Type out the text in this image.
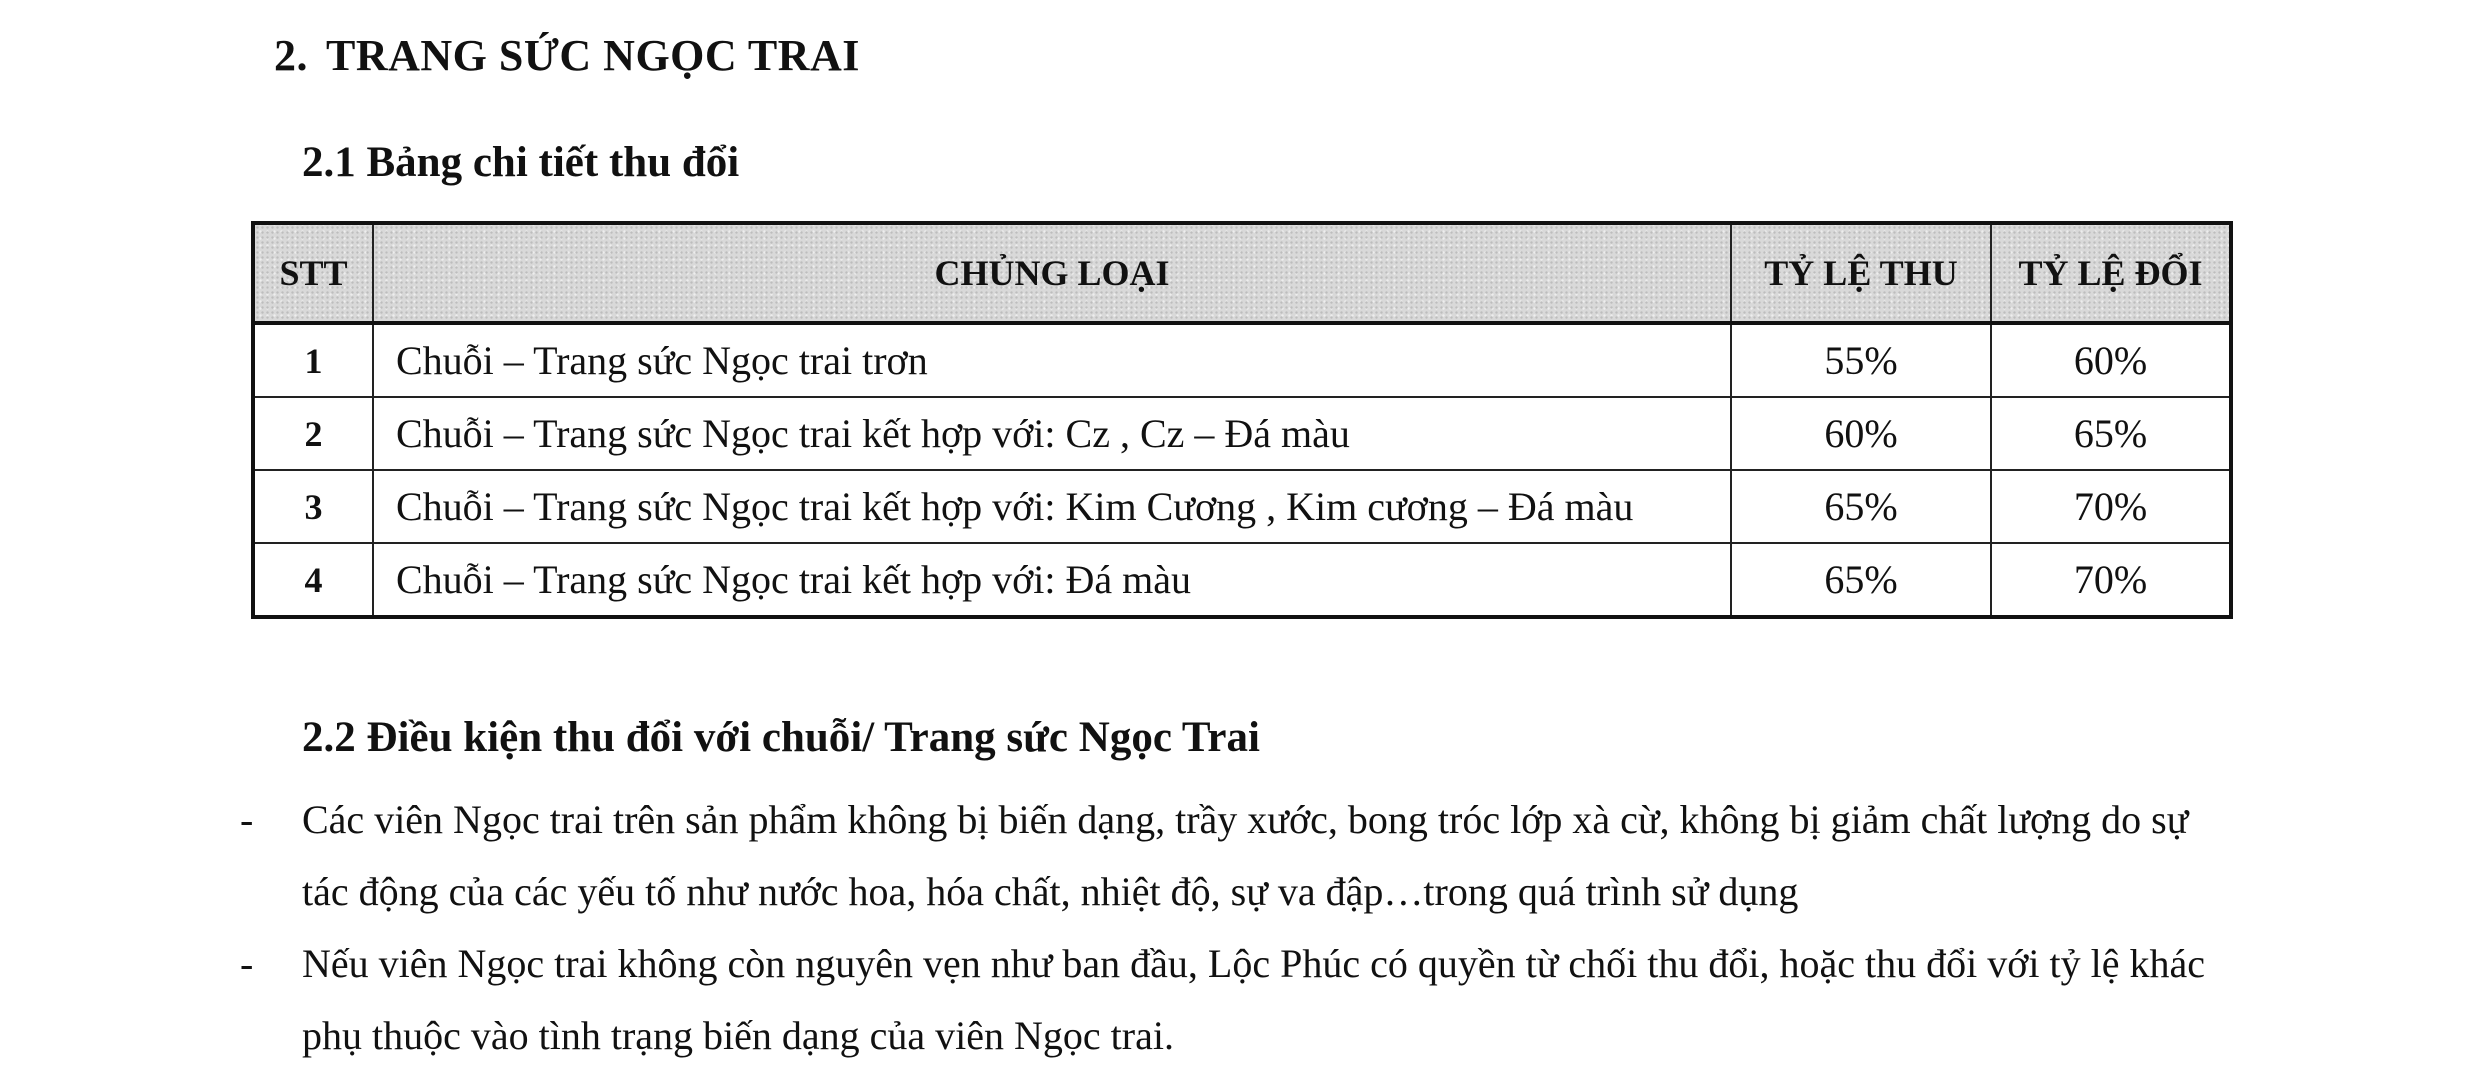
2. TRANG SỨC NGỌC TRAI
2.1 Bảng chi tiết thu đổi
STT	CHỦNG LOẠI	TỶ LỆ THU	TỶ LỆ ĐỔI
1	Chuỗi – Trang sức Ngọc trai trơn	55%	60%
2	Chuỗi – Trang sức Ngọc trai kết hợp với: Cz , Cz – Đá màu	60%	65%
3	Chuỗi – Trang sức Ngọc trai kết hợp với: Kim Cương , Kim cương – Đá màu	65%	70%
4	Chuỗi – Trang sức Ngọc trai kết hợp với: Đá màu	65%	70%
2.2 Điều kiện thu đổi với chuỗi/ Trang sức Ngọc Trai
- Các viên Ngọc trai trên sản phẩm không bị biến dạng, trầy xước, bong tróc lớp xà cừ, không bị giảm chất lượng do sự tác động của các yếu tố như nước hoa, hóa chất, nhiệt độ, sự va đập…trong quá trình sử dụng
- Nếu viên Ngọc trai không còn nguyên vẹn như ban đầu, Lộc Phúc có quyền từ chối thu đổi, hoặc thu đổi với tỷ lệ khác phụ thuộc vào tình trạng biến dạng của viên Ngọc trai.
